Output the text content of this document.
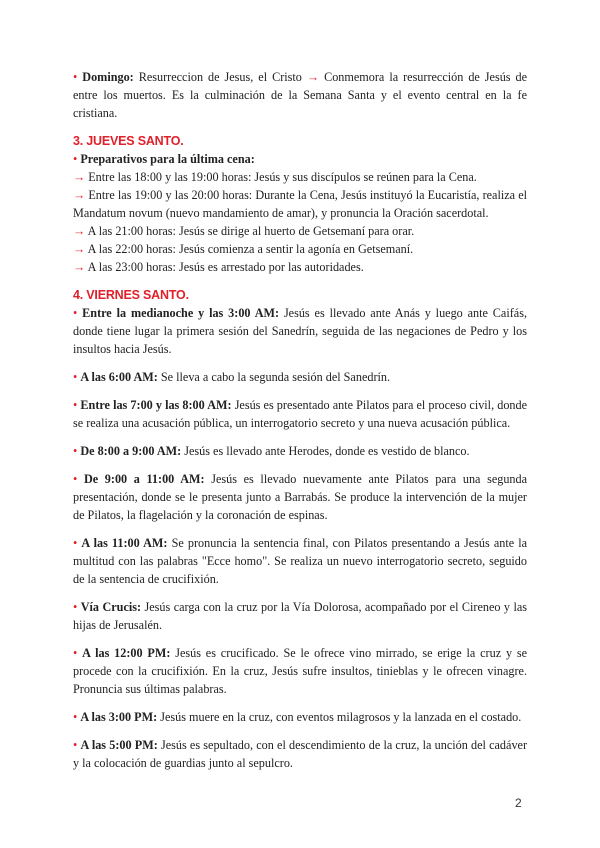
• Domingo: Resurreccion de Jesus, el Cristo → Conmemora la resurrección de Jesús de entre los muertos. Es la culminación de la Semana Santa y el evento central en la fe cristiana.

3. JUEVES SANTO.

• Preparativos para la última cena:

→ Entre las 18:00 y las 19:00 horas: Jesús y sus discípulos se reúnen para la Cena.

→ Entre las 19:00 y las 20:00 horas: Durante la Cena, Jesús instituyó la Eucaristía, realiza el Mandatum novum (nuevo mandamiento de amar), y pronuncia la Oración sacerdotal.

→ A las 21:00 horas: Jesús se dirige al huerto de Getsemaní para orar.

→ A las 22:00 horas: Jesús comienza a sentir la agonía en Getsemaní.

→ A las 23:00 horas: Jesús es arrestado por las autoridades.

4. VIERNES SANTO.

• Entre la medianoche y las 3:00 AM: Jesús es llevado ante Anás y luego ante Caifás, donde tiene lugar la primera sesión del Sanedrín, seguida de las negaciones de Pedro y los insultos hacia Jesús.

• A las 6:00 AM: Se lleva a cabo la segunda sesión del Sanedrín.

• Entre las 7:00 y las 8:00 AM: Jesús es presentado ante Pilatos para el proceso civil, donde se realiza una acusación pública, un interrogatorio secreto y una nueva acusación pública.

• De 8:00 a 9:00 AM: Jesús es llevado ante Herodes, donde es vestido de blanco.

• De 9:00 a 11:00 AM: Jesús es llevado nuevamente ante Pilatos para una segunda presentación, donde se le presenta junto a Barrabás. Se produce la intervención de la mujer de Pilatos, la flagelación y la coronación de espinas.

• A las 11:00 AM: Se pronuncia la sentencia final, con Pilatos presentando a Jesús ante la multitud con las palabras "Ecce homo". Se realiza un nuevo interrogatorio secreto, seguido de la sentencia de crucifixión.

• Vía Crucis: Jesús carga con la cruz por la Vía Dolorosa, acompañado por el Cireneo y las hijas de Jerusalén.

• A las 12:00 PM: Jesús es crucificado. Se le ofrece vino mirrado, se erige la cruz y se procede con la crucifixión. En la cruz, Jesús sufre insultos, tinieblas y le ofrecen vinagre. Pronuncia sus últimas palabras.

• A las 3:00 PM: Jesús muere en la cruz, con eventos milagrosos y la lanzada en el costado.

• A las 5:00 PM: Jesús es sepultado, con el descendimiento de la cruz, la unción del cadáver y la colocación de guardias junto al sepulcro.

2
